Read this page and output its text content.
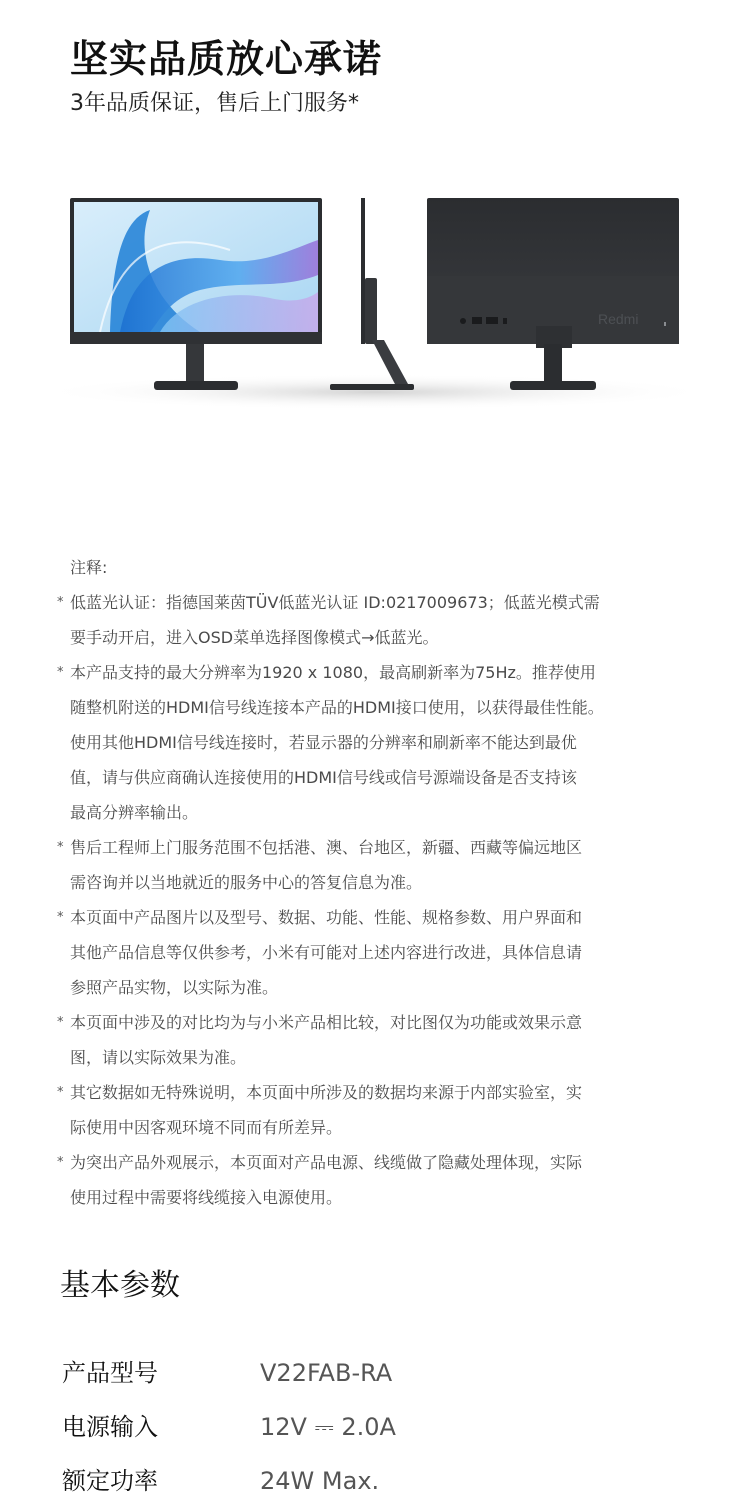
坚实品质放心承诺

3年品质保证，售后上门服务*

Redmi

注释:

* 低蓝光认证：指德国莱茵TÜV低蓝光认证 ID:0217009673；低蓝光模式需
要手动开启，进入OSD菜单选择图像模式→低蓝光。
* 本产品支持的最大分辨率为1920 x 1080，最高刷新率为75Hz。推荐使用
随整机附送的HDMI信号线连接本产品的HDMI接口使用，以获得最佳性能。
使用其他HDMI信号线连接时，若显示器的分辨率和刷新率不能达到最优
值，请与供应商确认连接使用的HDMI信号线或信号源端设备是否支持该
最高分辨率输出。
* 售后工程师上门服务范围不包括港、澳、台地区，新疆、西藏等偏远地区
需咨询并以当地就近的服务中心的答复信息为准。
* 本页面中产品图片以及型号、数据、功能、性能、规格参数、用户界面和
其他产品信息等仅供参考，小米有可能对上述内容进行改进，具体信息请
参照产品实物，以实际为准。
* 本页面中涉及的对比均为与小米产品相比较，对比图仅为功能或效果示意
图，请以实际效果为准。
* 其它数据如无特殊说明，本页面中所涉及的数据均来源于内部实验室，实
际使用中因客观环境不同而有所差异。
* 为突出产品外观展示，本页面对产品电源、线缆做了隐藏处理体现，实际
使用过程中需要将线缆接入电源使用。
基本参数
产品型号	V22FAB-RA
电源输入	12V ⎓ 2.0A
额定功率	24W Max.
